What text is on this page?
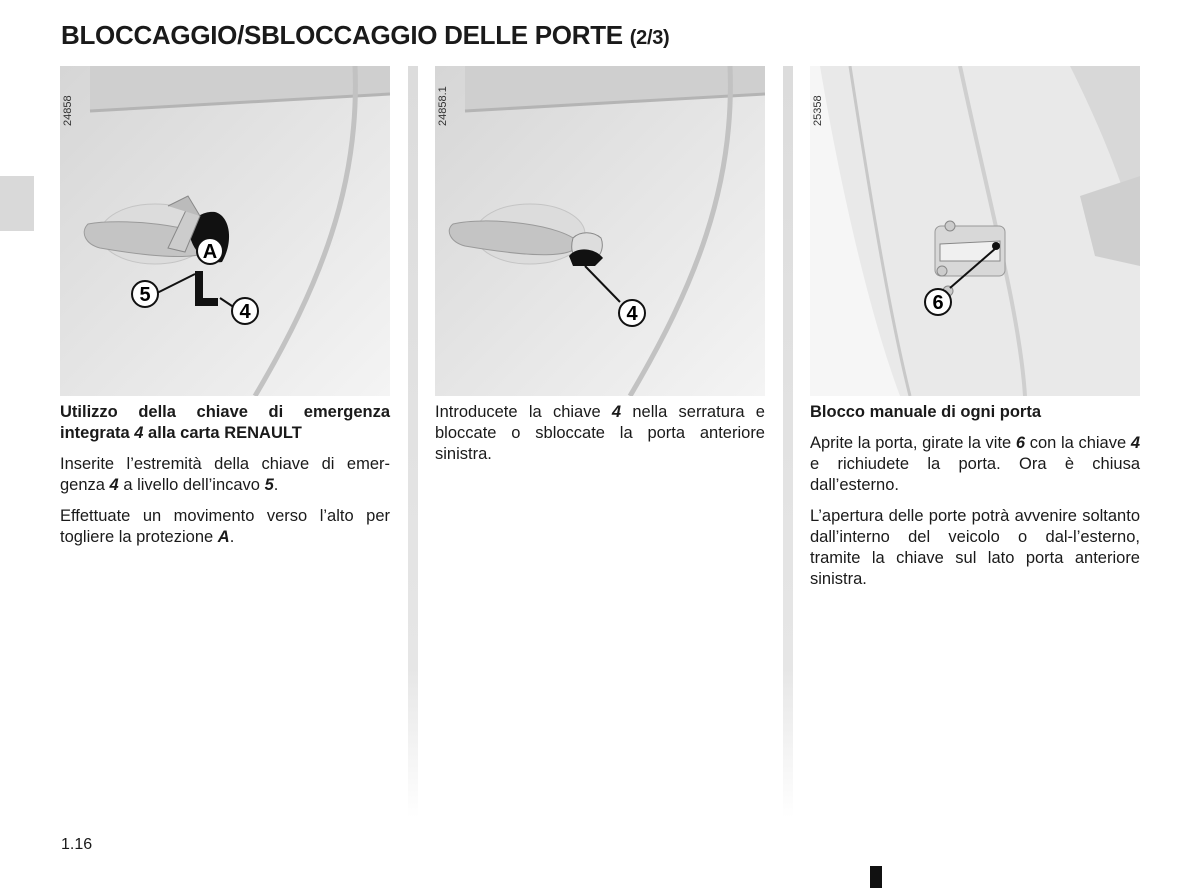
BLOCCAGGIO/SBLOCCAGGIO DELLE PORTE (2/3)
24858
A
5
4
24858.1
4
25358
6

Utilizzo della chiave di emergenza integrata 4 alla carta RENAULT

Inserite l’estremità della chiave di emer-genza 4 a livello dell’incavo 5.

Effettuate un movimento verso l’alto per togliere la protezione A.

Introducete la chiave 4 nella serratura e bloccate o sbloccate la porta anteriore sinistra.

Blocco manuale di ogni porta

Aprite la porta, girate la vite 6 con la chiave 4 e richiudete la porta. Ora è chiusa dall’esterno.

L’apertura delle porte potrà avvenire soltanto dall’interno del veicolo o dal-l’esterno, tramite la chiave sul lato porta anteriore sinistra.

1.16
